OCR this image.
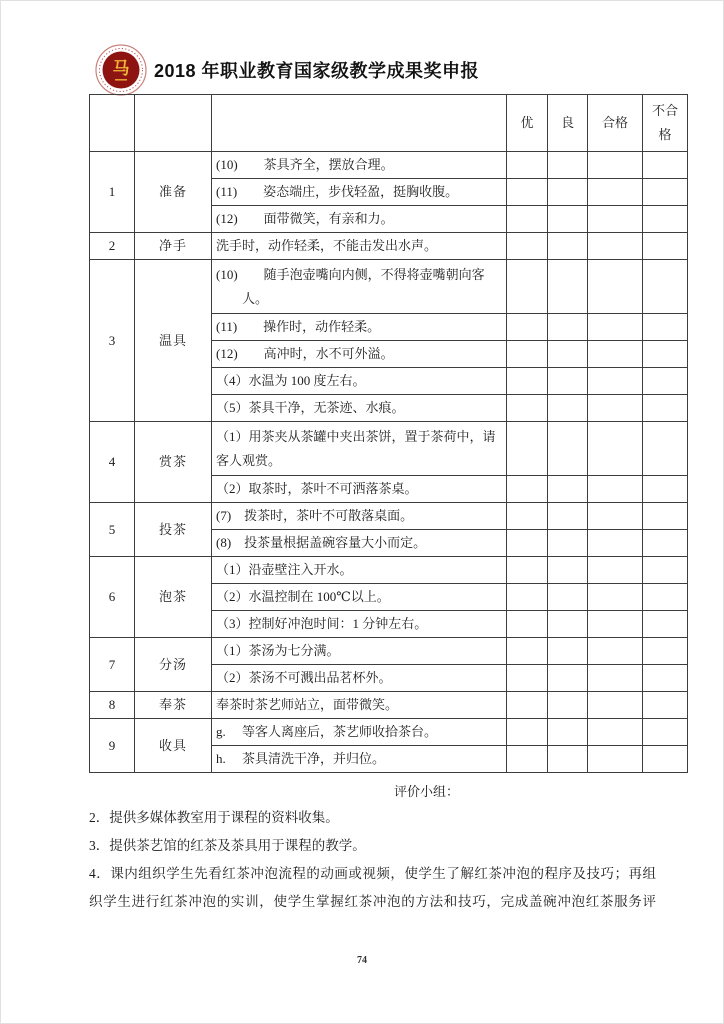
马 2018 年职业教育国家级教学成果奖申报
			优	良	合格	不合格
1	准备	(10)　　茶具齐全，摆放合理。				
		(11)　　姿态端庄，步伐轻盈，挺胸收腹。				
		(12)　　面带微笑，有亲和力。				
2	净手	洗手时，动作轻柔，不能击发出水声。				
3	温具	(10)　　随手泡壶嘴向内侧，不得将壶嘴朝向客
人。				
		(11)　　操作时，动作轻柔。				
		(12)　　高冲时，水不可外溢。				
		（4）水温为 100 度左右。				
		（5）茶具干净，无茶迹、水痕。				
4	赏茶	（1）用茶夹从茶罐中夹出茶饼，置于茶荷中，请
客人观赏。				
		（2）取茶时，茶叶不可洒落茶桌。				
5	投茶	(7)　拨茶时，茶叶不可散落桌面。				
		(8)　投茶量根据盖碗容量大小而定。				
6	泡茶	（1）沿壶壁注入开水。				
		（2）水温控制在 100℃以上。				
		（3）控制好冲泡时间：1 分钟左右。				
7	分汤	（1）茶汤为七分满。				
		（2）茶汤不可溅出品茗杯外。				
8	奉茶	奉茶时茶艺师站立，面带微笑。				
9	收具	g.　 等客人离座后，茶艺师收拾茶台。				
		h.　 茶具清洗干净，并归位。				
评价小组：

2．提供多媒体教室用于课程的资料收集。

3．提供茶艺馆的红茶及茶具用于课程的教学。

4．课内组织学生先看红茶冲泡流程的动画或视频，使学生了解红茶冲泡的程序及技巧；再组
织学生进行红茶冲泡的实训，使学生掌握红茶冲泡的方法和技巧，完成盖碗冲泡红茶服务评

74
